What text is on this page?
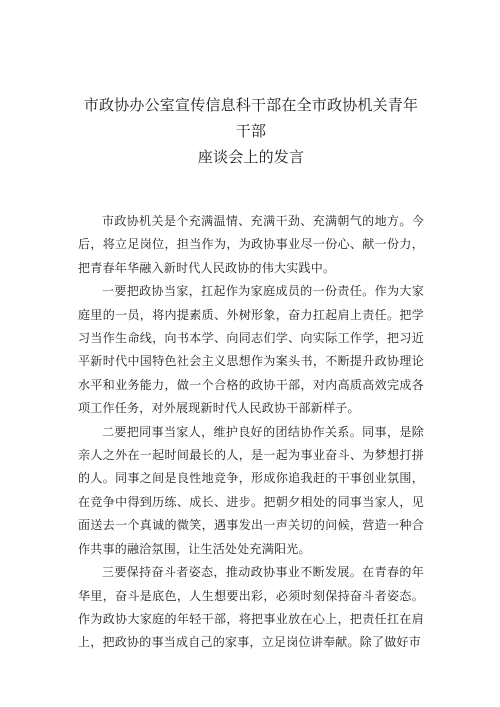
市政协办公室宣传信息科干部在全市政协机关青年干部
座谈会上的发言

市政协机关是个充满温情、充满干劲、充满朝气的地方。今后，将立足岗位，担当作为，为政协事业尽一份心、献一份力，把青春年华融入新时代人民政协的伟大实践中。

一要把政协当家，扛起作为家庭成员的一份责任。作为大家庭里的一员，将内提素质、外树形象，奋力扛起肩上责任。把学习当作生命线，向书本学、向同志们学、向实际工作学，把习近平新时代中国特色社会主义思想作为案头书，不断提升政协理论水平和业务能力，做一个合格的政协干部，对内高质高效完成各项工作任务，对外展现新时代人民政协干部新样子。

二要把同事当家人，维护良好的团结协作关系。同事，是除亲人之外在一起时间最长的人，是一起为事业奋斗、为梦想打拼的人。同事之间是良性地竞争，形成你追我赶的干事创业氛围，在竞争中得到历练、成长、进步。把朝夕相处的同事当家人，见面送去一个真诚的微笑，遇事发出一声关切的问候，营造一种合作共事的融洽氛围，让生活处处充满阳光。

三要保持奋斗者姿态，推动政协事业不断发展。在青春的年华里，奋斗是底色，人生想要出彩，必须时刻保持奋斗者姿态。作为政协大家庭的年轻干部，将把事业放在心上，把责任扛在肩上，把政协的事当成自己的家事，立足岗位讲奉献。除了做好市
